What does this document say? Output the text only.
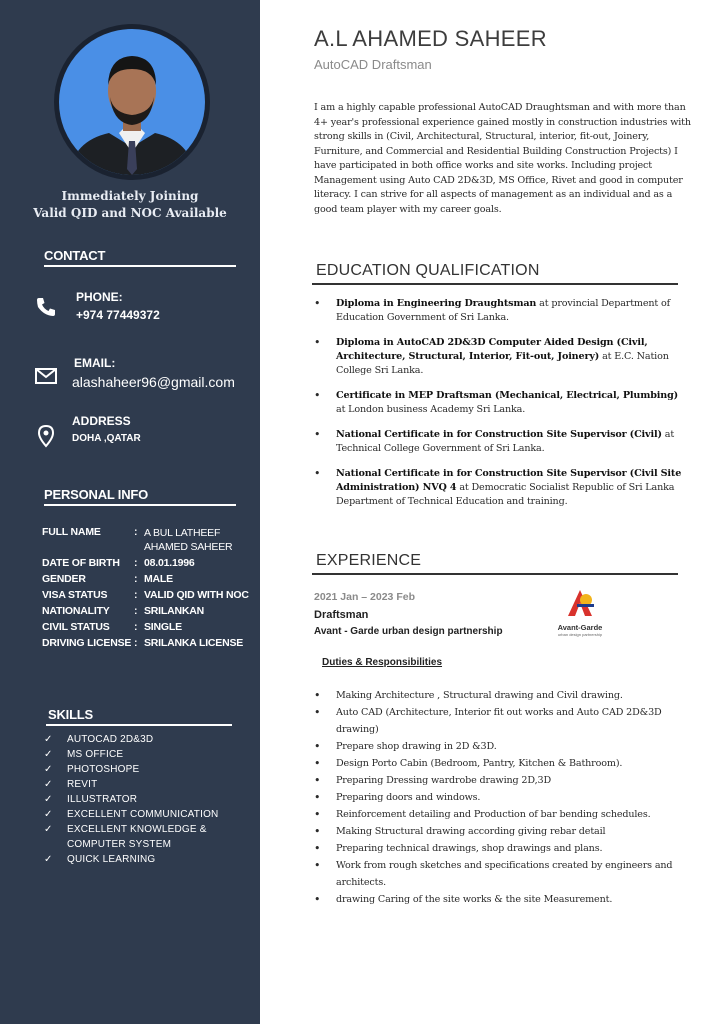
Immediately Joining
Valid QID and NOC Available
CONTACT
PHONE:
+974 77449372
EMAIL:
alashaheer96@gmail.com
ADDRESS
DOHA ,QATAR
PERSONAL INFO
FULL NAME	: A BUL LATHEEF AHAMED SAHEER
DATE OF BIRTH	: 08.01.1996
GENDER	: MALE
VISA STATUS	: VALID QID WITH NOC
NATIONALITY	: SRILANKAN
CIVIL STATUS	: SINGLE
DRIVING LICENSE : SRILANKA LICENSE
SKILLS
✓	AUTOCAD 2D&3D
✓	MS OFFICE
✓	PHOTOSHOPE
✓	REVIT
✓	ILLUSTRATOR
✓	EXCELLENT COMMUNICATION
✓	EXCELLENT KNOWLEDGE & COMPUTER SYSTEM
✓	QUICK LEARNING
A.L AHAMED SAHEER
AutoCAD Draftsman

I am a highly capable professional AutoCAD Draughtsman and with more than 4+ year's professional experience gained mostly in construction industries with strong skills in (Civil, Architectural, Structural, interior, fit-out, Joinery, Furniture, and Commercial and Residential Building Construction Projects) I have participated in both office works and site works. Including project Management using Auto CAD 2D&3D, MS Office, Rivet and good in computer literacy. I can strive for all aspects of management as an individual and as a good team player with my career goals.

EDUCATION QUALIFICATION
• Diploma in Engineering Draughtsman at provincial Department of Education Government of Sri Lanka.
• Diploma in AutoCAD 2D&3D Computer Aided Design (Civil, Architecture, Structural, Interior, Fit-out, Joinery) at E.C. Nation College Sri Lanka.
• Certificate in MEP Draftsman (Mechanical, Electrical, Plumbing) at London business Academy Sri Lanka.
• National Certificate in for Construction Site Supervisor (Civil) at Technical College Government of Sri Lanka.
• National Certificate in for Construction Site Supervisor (Civil Site Administration) NVQ 4 at Democratic Socialist Republic of Sri Lanka Department of Technical Education and training.
EXPERIENCE
2021 Jan – 2023 Feb
Draftsman
Avant - Garde urban design partnership	Avant-Garde
urban design partnership
Duties & Responsibilities
• Making Architecture , Structural drawing and Civil drawing.
• Auto CAD (Architecture, Interior fit out works and Auto CAD 2D&3D drawing)
• Prepare shop drawing in 2D &3D.
• Design Porto Cabin (Bedroom, Pantry, Kitchen & Bathroom).
• Preparing Dressing wardrobe drawing 2D,3D
• Preparing doors and windows.
• Reinforcement detailing and Production of bar bending schedules.
• Making Structural drawing according giving rebar detail
• Preparing technical drawings, shop drawings and plans.
• Work from rough sketches and specifications created by engineers and architects.
• drawing Caring of the site works & the site Measurement.
